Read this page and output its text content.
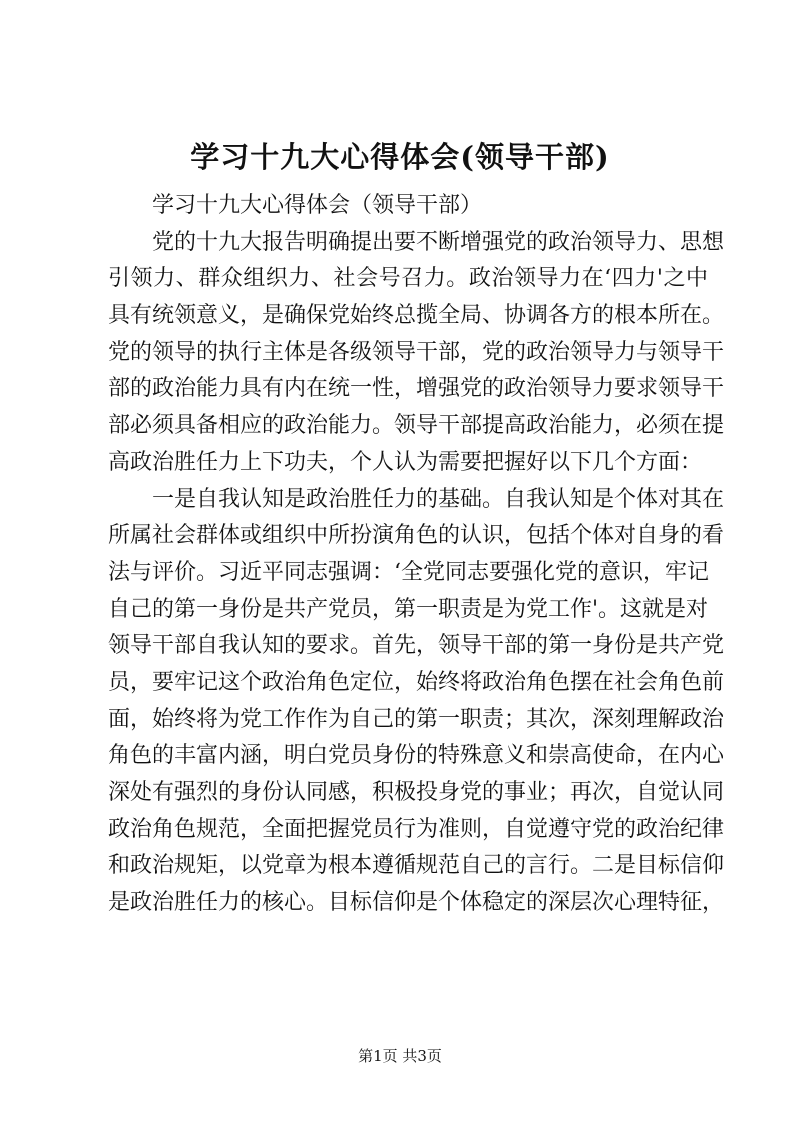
学习十九大心得体会(领导干部)
学习十九大心得体会（领导干部）

党的十九大报告明确提出要不断增强党的政治领导力、思想
引领力、群众组织力、社会号召力。政治领导力在‘四力'之中
具有统领意义，是确保党始终总揽全局、协调各方的根本所在。
党的领导的执行主体是各级领导干部，党的政治领导力与领导干
部的政治能力具有内在统一性，增强党的政治领导力要求领导干
部必须具备相应的政治能力。领导干部提高政治能力，必须在提
高政治胜任力上下功夫，个人认为需要把握好以下几个方面：

一是自我认知是政治胜任力的基础。自我认知是个体对其在
所属社会群体或组织中所扮演角色的认识，包括个体对自身的看
法与评价。习近平同志强调：‘全党同志要强化党的意识，牢记
自己的第一身份是共产党员，第一职责是为党工作'。这就是对
领导干部自我认知的要求。首先，领导干部的第一身份是共产党
员，要牢记这个政治角色定位，始终将政治角色摆在社会角色前
面，始终将为党工作作为自己的第一职责；其次，深刻理解政治
角色的丰富内涵，明白党员身份的特殊意义和崇高使命，在内心
深处有强烈的身份认同感，积极投身党的事业；再次，自觉认同
政治角色规范，全面把握党员行为准则，自觉遵守党的政治纪律
和政治规矩，以党章为根本遵循规范自己的言行。二是目标信仰
是政治胜任力的核心。目标信仰是个体稳定的深层次心理特征，

第1页 共3页
